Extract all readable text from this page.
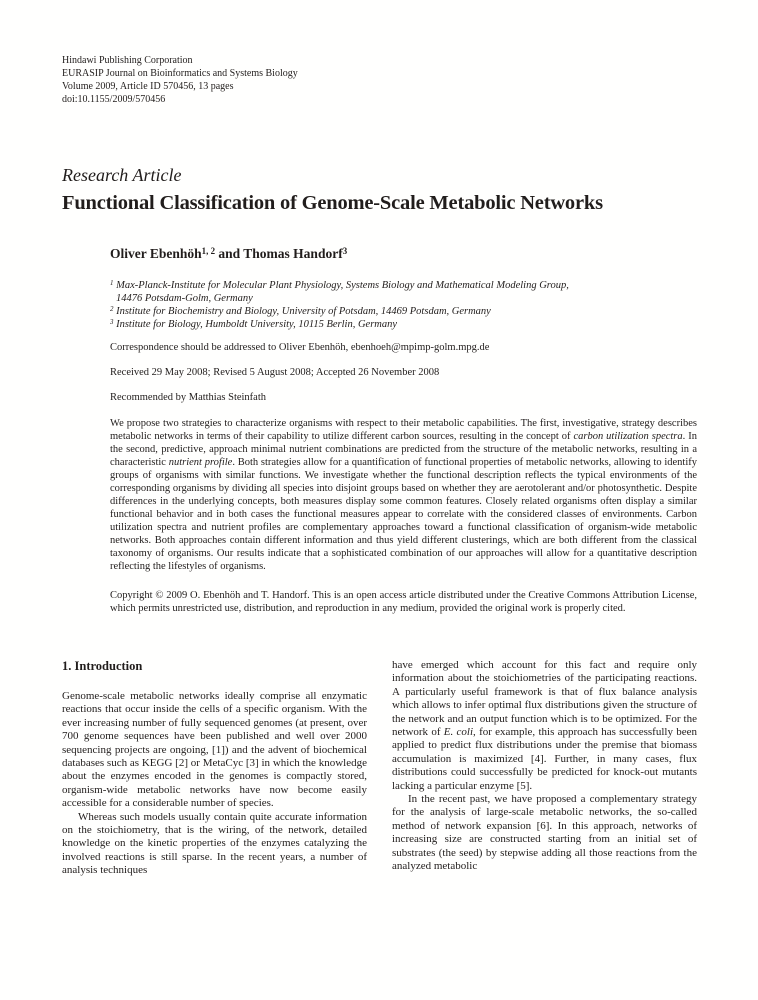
Hindawi Publishing Corporation
EURASIP Journal on Bioinformatics and Systems Biology
Volume 2009, Article ID 570456, 13 pages
doi:10.1155/2009/570456
Research Article
Functional Classification of Genome-Scale Metabolic Networks
Oliver Ebenhöh$^{1, 2}$ and Thomas Handorf$^3$
$^1$ Max-Planck-Institute for Molecular Plant Physiology, Systems Biology and Mathematical Modeling Group,
14476 Potsdam-Golm, Germany
$^2$ Institute for Biochemistry and Biology, University of Potsdam, 14469 Potsdam, Germany
$^3$ Institute for Biology, Humboldt University, 10115 Berlin, Germany
Correspondence should be addressed to Oliver Ebenhöh, ebenhoeh@mpimp-golm.mpg.de
Received 29 May 2008; Revised 5 August 2008; Accepted 26 November 2008
Recommended by Matthias Steinfath
We propose two strategies to characterize organisms with respect to their metabolic capabilities. The first, investigative, strategy describes metabolic networks in terms of their capability to utilize different carbon sources, resulting in the concept of carbon utilization spectra. In the second, predictive, approach minimal nutrient combinations are predicted from the structure of the metabolic networks, resulting in a characteristic nutrient profile. Both strategies allow for a quantification of functional properties of metabolic networks, allowing to identify groups of organisms with similar functions. We investigate whether the functional description reflects the typical environments of the corresponding organisms by dividing all species into disjoint groups based on whether they are aerotolerant and/or photosynthetic. Despite differences in the underlying concepts, both measures display some common features. Closely related organisms often display a similar functional behavior and in both cases the functional measures appear to correlate with the considered classes of environments. Carbon utilization spectra and nutrient profiles are complementary approaches toward a functional classification of organism-wide metabolic networks. Both approaches contain different information and thus yield different clusterings, which are both different from the classical taxonomy of organisms. Our results indicate that a sophisticated combination of our approaches will allow for a quantitative description reflecting the lifestyles of organisms.
Copyright © 2009 O. Ebenhöh and T. Handorf. This is an open access article distributed under the Creative Commons Attribution License, which permits unrestricted use, distribution, and reproduction in any medium, provided the original work is properly cited.
1. Introduction

Genome-scale metabolic networks ideally comprise all enzymatic reactions that occur inside the cells of a specific organism. With the ever increasing number of fully sequenced genomes (at present, over 700 genome sequences have been published and well over 2000 sequencing projects are ongoing, [1]) and the advent of biochemical databases such as KEGG [2] or MetaCyc [3] in which the knowledge about the enzymes encoded in the genomes is compactly stored, organism-wide metabolic networks have now become easily accessible for a considerable number of species.

Whereas such models usually contain quite accurate information on the stoichiometry, that is the wiring, of the network, detailed knowledge on the kinetic properties of the enzymes catalyzing the involved reactions is still sparse. In the recent years, a number of analysis techniques

have emerged which account for this fact and require only information about the stoichiometries of the participating reactions. A particularly useful framework is that of flux balance analysis which allows to infer optimal flux distributions given the structure of the network and an output function which is to be optimized. For the network of E. coli, for example, this approach has successfully been applied to predict flux distributions under the premise that biomass accumulation is maximized [4]. Further, in many cases, flux distributions could successfully be predicted for knock-out mutants lacking a particular enzyme [5].

In the recent past, we have proposed a complementary strategy for the analysis of large-scale metabolic networks, the so-called method of network expansion [6]. In this approach, networks of increasing size are constructed starting from an initial set of substrates (the seed) by stepwise adding all those reactions from the analyzed metabolic
